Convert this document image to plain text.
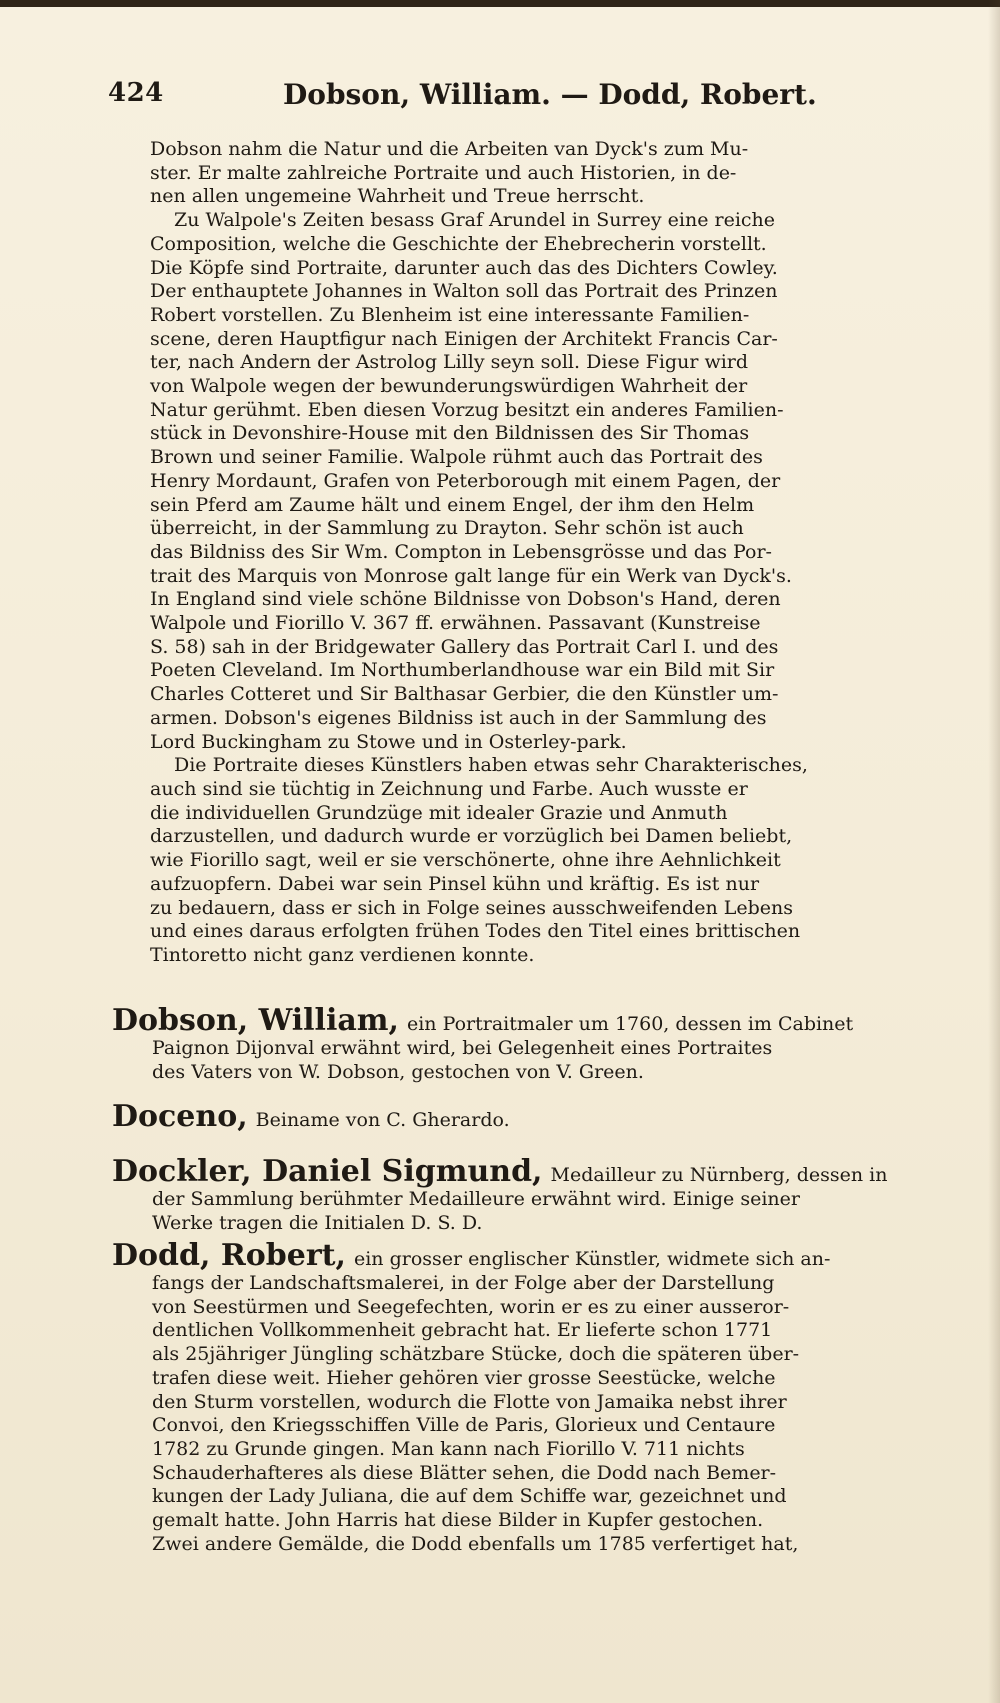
424	Dobson, William. — Dodd, Robert.

Dobson nahm die Natur und die Arbeiten van Dyck's zum Mu-

ster. Er malte zahlreiche Portraite und auch Historien, in de-

nen allen ungemeine Wahrheit und Treue herrscht.

Zu Walpole's Zeiten besass Graf Arundel in Surrey eine reiche

Composition, welche die Geschichte der Ehebrecherin vorstellt.

Die Köpfe sind Portraite, darunter auch das des Dichters Cowley.

Der enthauptete Johannes in Walton soll das Portrait des Prinzen

Robert vorstellen. Zu Blenheim ist eine interessante Familien-

scene, deren Hauptfigur nach Einigen der Architekt Francis Car-

ter, nach Andern der Astrolog Lilly seyn soll. Diese Figur wird

von Walpole wegen der bewunderungswürdigen Wahrheit der

Natur gerühmt. Eben diesen Vorzug besitzt ein anderes Familien-

stück in Devonshire-House mit den Bildnissen des Sir Thomas

Brown und seiner Familie. Walpole rühmt auch das Portrait des

Henry Mordaunt, Grafen von Peterborough mit einem Pagen, der

sein Pferd am Zaume hält und einem Engel, der ihm den Helm

überreicht, in der Sammlung zu Drayton. Sehr schön ist auch

das Bildniss des Sir Wm. Compton in Lebensgrösse und das Por-

trait des Marquis von Monrose galt lange für ein Werk van Dyck's.

In England sind viele schöne Bildnisse von Dobson's Hand, deren

Walpole und Fiorillo V. 367 ff. erwähnen. Passavant (Kunstreise

S. 58) sah in der Bridgewater Gallery das Portrait Carl I. und des

Poeten Cleveland. Im Northumberlandhouse war ein Bild mit Sir

Charles Cotteret und Sir Balthasar Gerbier, die den Künstler um-

armen. Dobson's eigenes Bildniss ist auch in der Sammlung des

Lord Buckingham zu Stowe und in Osterley-park.

Die Portraite dieses Künstlers haben etwas sehr Charakterisches,

auch sind sie tüchtig in Zeichnung und Farbe. Auch wusste er

die individuellen Grundzüge mit idealer Grazie und Anmuth

darzustellen, und dadurch wurde er vorzüglich bei Damen beliebt,

wie Fiorillo sagt, weil er sie verschönerte, ohne ihre Aehnlichkeit

aufzuopfern. Dabei war sein Pinsel kühn und kräftig. Es ist nur

zu bedauern, dass er sich in Folge seines ausschweifenden Lebens

und eines daraus erfolgten frühen Todes den Titel eines brittischen

Tintoretto nicht ganz verdienen konnte.

Dobson, William, ein Portraitmaler um 1760, dessen im Cabinet

Paignon Dijonval erwähnt wird, bei Gelegenheit eines Portraites

des Vaters von W. Dobson, gestochen von V. Green.

Doceno, Beiname von C. Gherardo.
Dockler, Daniel Sigmund, Medailleur zu Nürnberg, dessen in

der Sammlung berühmter Medailleure erwähnt wird. Einige seiner

Werke tragen die Initialen D. S. D.

Dodd, Robert, ein grosser englischer Künstler, widmete sich an-

fangs der Landschaftsmalerei, in der Folge aber der Darstellung

von Seestürmen und Seegefechten, worin er es zu einer ausseror-

dentlichen Vollkommenheit gebracht hat. Er lieferte schon 1771

als 25jähriger Jüngling schätzbare Stücke, doch die späteren über-

trafen diese weit. Hieher gehören vier grosse Seestücke, welche

den Sturm vorstellen, wodurch die Flotte von Jamaika nebst ihrer

Convoi, den Kriegsschiffen Ville de Paris, Glorieux und Centaure

1782 zu Grunde gingen. Man kann nach Fiorillo V. 711 nichts

Schauderhafteres als diese Blätter sehen, die Dodd nach Bemer-

kungen der Lady Juliana, die auf dem Schiffe war, gezeichnet und

gemalt hatte. John Harris hat diese Bilder in Kupfer gestochen.

Zwei andere Gemälde, die Dodd ebenfalls um 1785 verfertiget hat,
